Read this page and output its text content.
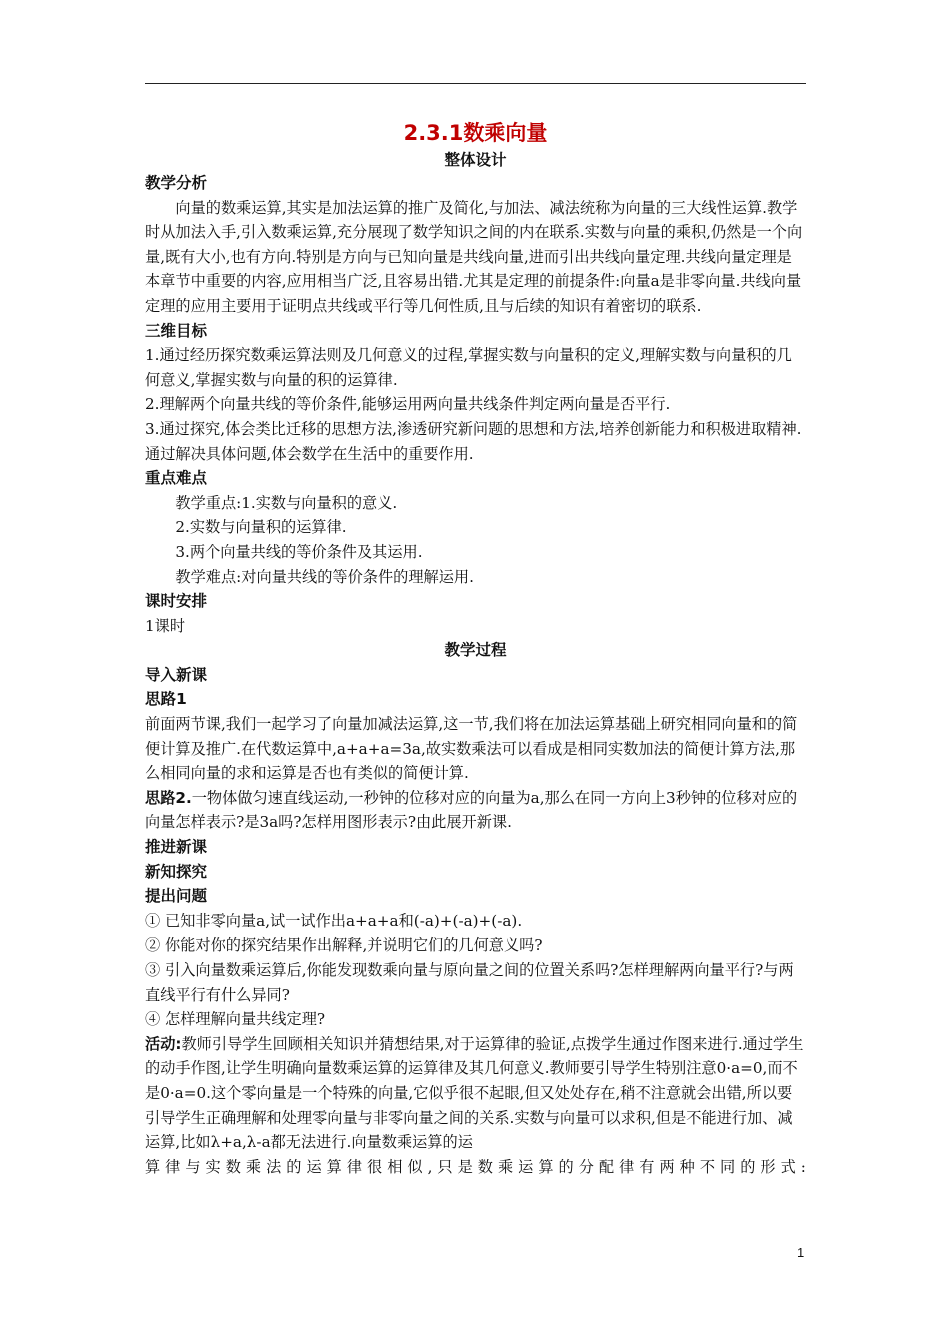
2.3.1数乘向量
整体设计
教学分析

向量的数乘运算,其实是加法运算的推广及简化,与加法、减法统称为向量的三大线性运算.教学时从加法入手,引入数乘运算,充分展现了数学知识之间的内在联系.实数与向量的乘积,仍然是一个向量,既有大小,也有方向.特别是方向与已知向量是共线向量,进而引出共线向量定理.共线向量定理是本章节中重要的内容,应用相当广泛,且容易出错.尤其是定理的前提条件:向量a是非零向量.共线向量定理的应用主要用于证明点共线或平行等几何性质,且与后续的知识有着密切的联系.

三维目标

1.通过经历探究数乘运算法则及几何意义的过程,掌握实数与向量积的定义,理解实数与向量积的几何意义,掌握实数与向量的积的运算律.

2.理解两个向量共线的等价条件,能够运用两向量共线条件判定两向量是否平行.

3.通过探究,体会类比迁移的思想方法,渗透研究新问题的思想和方法,培养创新能力和积极进取精神.通过解决具体问题,体会数学在生活中的重要作用.

重点难点

教学重点:1.实数与向量积的意义.

2.实数与向量积的运算律.

3.两个向量共线的等价条件及其运用.

教学难点:对向量共线的等价条件的理解运用.

课时安排

1课时

教学过程
导入新课
思路1

前面两节课,我们一起学习了向量加减法运算,这一节,我们将在加法运算基础上研究相同向量和的简便计算及推广.在代数运算中,a+a+a=3a,故实数乘法可以看成是相同实数加法的简便计算方法,那么相同向量的求和运算是否也有类似的简便计算.

思路2.一物体做匀速直线运动,一秒钟的位移对应的向量为a,那么在同一方向上3秒钟的位移对应的向量怎样表示?是3a吗?怎样用图形表示?由此展开新课.

推进新课
新知探究
提出问题

① 已知非零向量a,试一试作出a+a+a和(-a)+(-a)+(-a).

② 你能对你的探究结果作出解释,并说明它们的几何意义吗?

③ 引入向量数乘运算后,你能发现数乘向量与原向量之间的位置关系吗?怎样理解两向量平行?与两直线平行有什么异同?

④ 怎样理解向量共线定理?

活动:教师引导学生回顾相关知识并猜想结果,对于运算律的验证,点拨学生通过作图来进行.通过学生的动手作图,让学生明确向量数乘运算的运算律及其几何意义.教师要引导学生特别注意0·a=0,而不是0·a=0.这个零向量是一个特殊的向量,它似乎很不起眼,但又处处存在,稍不注意就会出错,所以要引导学生正确理解和处理零向量与非零向量之间的关系.实数与向量可以求积,但是不能进行加、减运算,比如λ+a,λ-a都无法进行.向量数乘运算的运

算律与实数乘法的运算律很相似,只是数乘运算的分配律有两种不同的形式:

1
